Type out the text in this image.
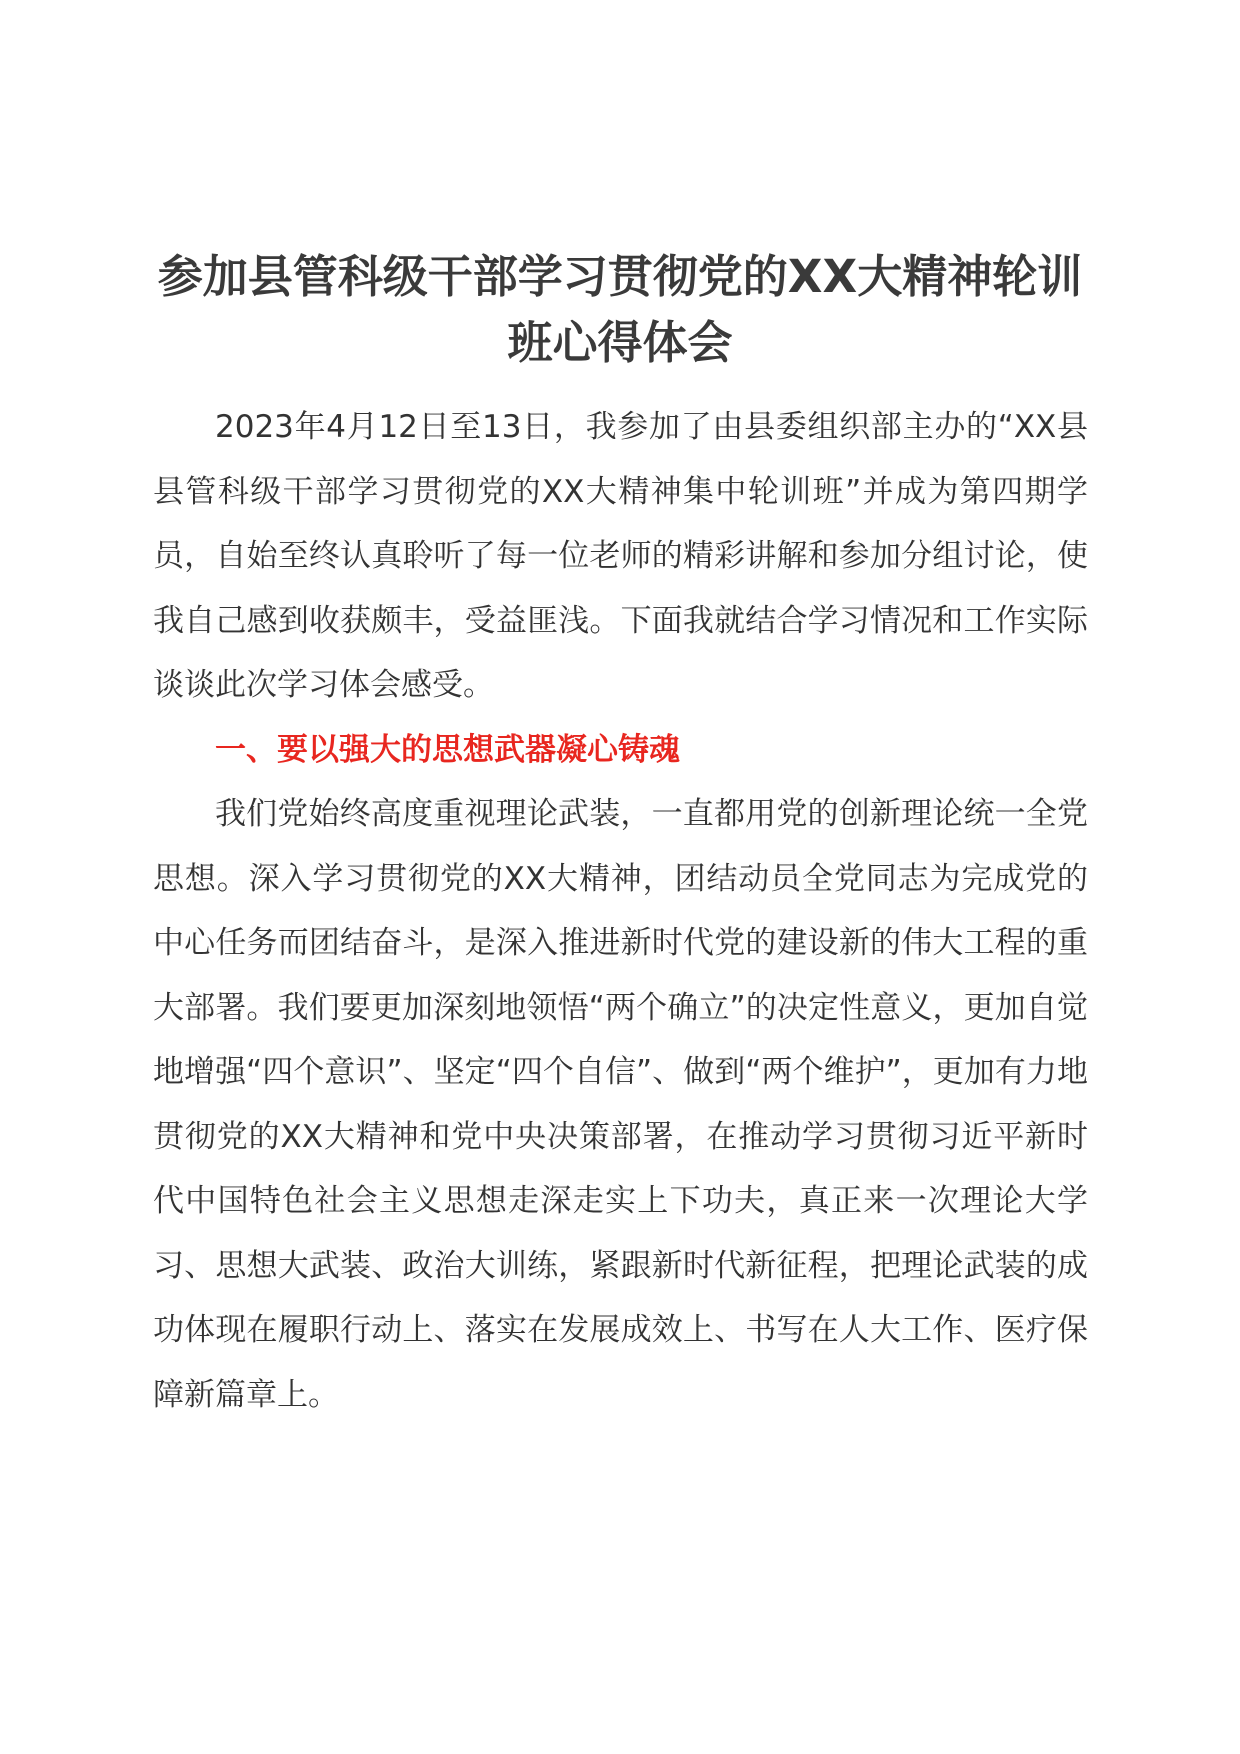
参加县管科级干部学习贯彻党的XX大精神轮训班心得体会

2023年4月12日至13日，我参加了由县委组织部主办的“XX县县管科级干部学习贯彻党的XX大精神集中轮训班”并成为第四期学员，自始至终认真聆听了每一位老师的精彩讲解和参加分组讨论，使我自己感到收获颇丰，受益匪浅。下面我就结合学习情况和工作实际谈谈此次学习体会感受。

一、要以强大的思想武器凝心铸魂

我们党始终高度重视理论武装，一直都用党的创新理论统一全党思想。深入学习贯彻党的XX大精神，团结动员全党同志为完成党的中心任务而团结奋斗，是深入推进新时代党的建设新的伟大工程的重大部署。我们要更加深刻地领悟“两个确立”的决定性意义，更加自觉地增强“四个意识”、坚定“四个自信”、做到“两个维护”，更加有力地贯彻党的XX大精神和党中央决策部署，在推动学习贯彻习近平新时代中国特色社会主义思想走深走实上下功夫，真正来一次理论大学习、思想大武装、政治大训练，紧跟新时代新征程，把理论武装的成功体现在履职行动上、落实在发展成效上、书写在人大工作、医疗保障新篇章上。
